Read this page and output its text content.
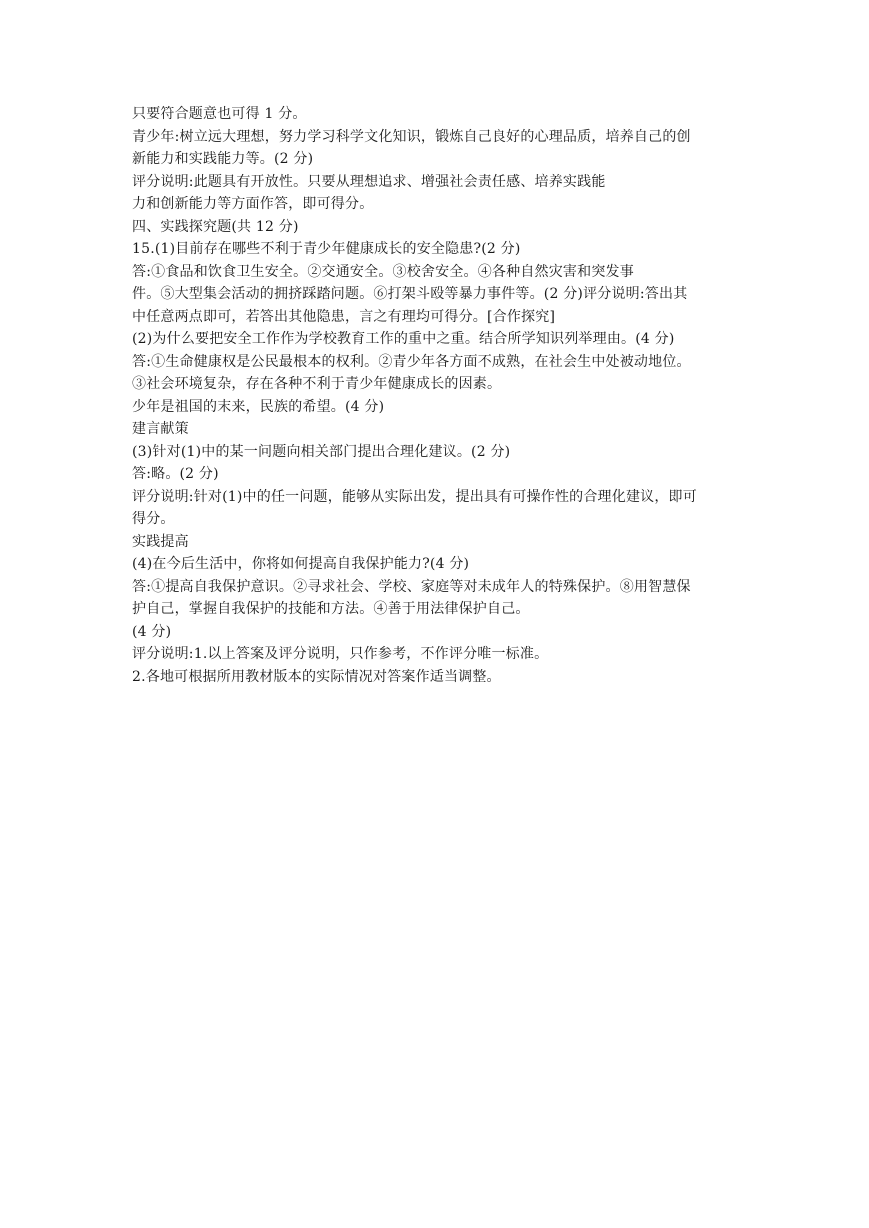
只要符合题意也可得 1 分。
青少年:树立远大理想，努力学习科学文化知识，锻炼自己良好的心理品质，培养自己的创
新能力和实践能力等。(2 分)
评分说明:此题具有开放性。只要从理想追求、增强社会责任感、培养实践能
力和创新能力等方面作答，即可得分。
四、实践探究题(共 12 分)
15.(1)目前存在哪些不利于青少年健康成长的安全隐患?(2 分)
答:①食品和饮食卫生安全。②交通安全。③校舍安全。④各种自然灾害和突发事
件。⑤大型集会活动的拥挤踩踏问题。⑥打架斗殴等暴力事件等。(2 分)评分说明:答出其
中任意两点即可，若答出其他隐患，言之有理均可得分。[合作探究]
(2)为什么要把安全工作作为学校教育工作的重中之重。结合所学知识列举理由。(4 分)
答:①生命健康权是公民最根本的权利。②青少年各方面不成熟，在社会生中处被动地位。
③社会环境复杂，存在各种不利于青少年健康成长的因素。
少年是祖国的末来，民族的希望。(4 分)
建言献策
(3)针对(1)中的某一问题向相关部门提出合理化建议。(2 分)
答:略。(2 分)
评分说明:针对(1)中的任一问题，能够从实际出发，提出具有可操作性的合理化建议，即可
得分。
实践提高
(4)在今后生活中，你将如何提高自我保护能力?(4 分)
答:①提高自我保护意识。②寻求社会、学校、家庭等对未成年人的特殊保护。⑧用智慧保
护自己，掌握自我保护的技能和方法。④善于用法律保护自己。
(4 分)
评分说明:1.以上答案及评分说明，只作参考，不作评分唯一标准。
2.各地可根据所用教材版本的实际情况对答案作适当调整。
